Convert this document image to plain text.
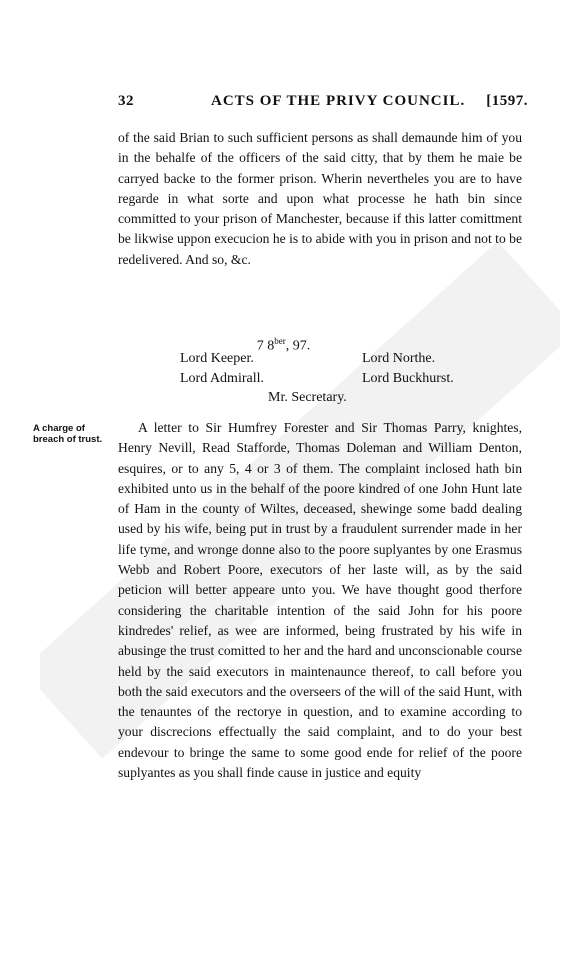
32	ACTS OF THE PRIVY COUNCIL. [1597.
of the said Brian to such sufficient persons as shall demaunde him of you in the behalfe of the officers of the said citty, that by them he maie be carryed backe to the former prison. Wherin nevertheles you are to have regarde in what sorte and upon what processe he hath bin since committed to your prison of Manchester, because if this latter comittment be likwise uppon execucion he is to abide with you in prison and not to be redelivered. And so, &c.
7 $8^{ber}$, 97.
Lord Keeper.	Lord Northe.
Lord Admirall.	Lord Buckhurst.
Mr. Secretary.
A charge of breach of trust.
A letter to Sir Humfrey Forester and Sir Thomas Parry, knightes, Henry Nevill, Read Stafforde, Thomas Doleman and William Denton, esquires, or to any 5, 4 or 3 of them. The complaint inclosed hath bin exhibited unto us in the behalf of the poore kindred of one John Hunt late of Ham in the county of Wiltes, deceased, shewinge some badd dealing used by his wife, being put in trust by a fraudulent surrender made in her life tyme, and wronge donne also to the poore suplyantes by one Erasmus Webb and Robert Poore, executors of her laste will, as by the said peticion will better appeare unto you. We have thought good therfore considering the charitable intention of the said John for his poore kindredes' relief, as wee are informed, being frustrated by his wife in abusinge the trust comitted to her and the hard and unconscionable course held by the said executors in maintenaunce thereof, to call before you both the said executors and the overseers of the will of the said Hunt, with the tenauntes of the rectorye in question, and to examine according to your discrecions effectually the said complaint, and to do your best endevour to bringe the same to some good ende for relief of the poore suplyantes as you shall finde cause in justice and equity
